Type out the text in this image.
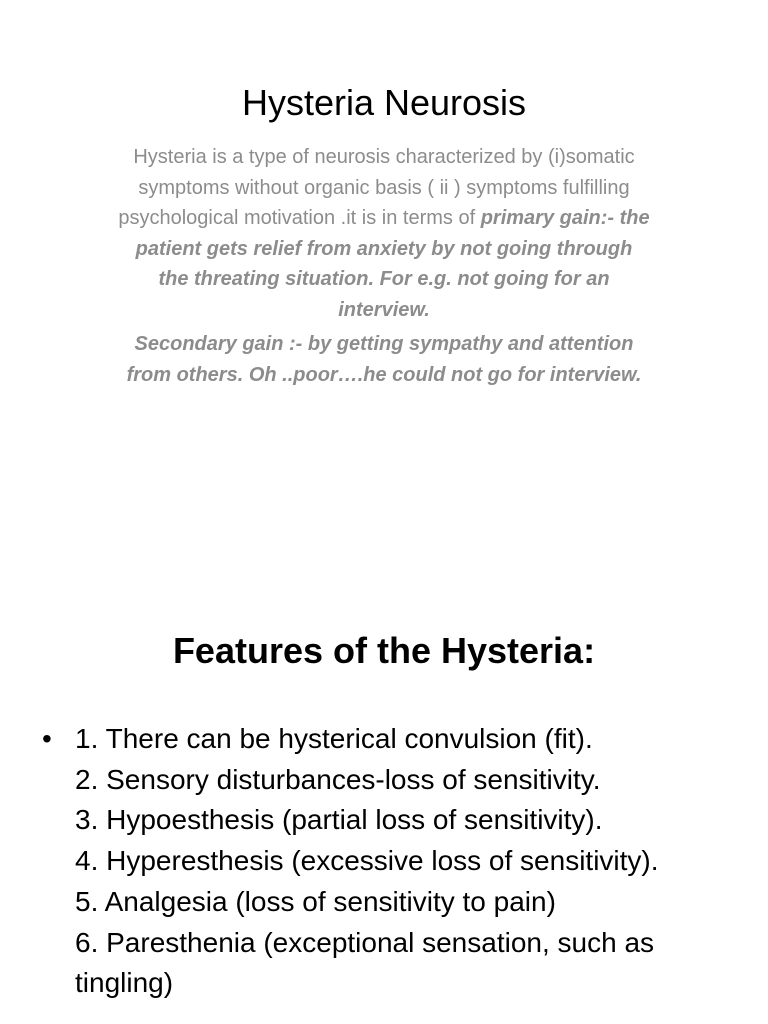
Hysteria Neurosis

Hysteria is a type of neurosis characterized by (i)somatic symptoms without organic basis ( ii ) symptoms fulfilling psychological motivation .it is in terms of primary gain:- the patient gets relief from anxiety by not going through the threating situation. For e.g. not going for an interview.

Secondary gain :- by getting sympathy and attention from others. Oh ..poor….he could not go for interview.

Features of the Hysteria:
• 1. There can be hysterical convulsion (fit).
2. Sensory disturbances-loss of sensitivity.
3. Hypoesthesis (partial loss of sensitivity).
4. Hyperesthesis (excessive loss of sensitivity).
5. Analgesia (loss of sensitivity to pain)
6. Paresthenia (exceptional sensation, such as tingling)
